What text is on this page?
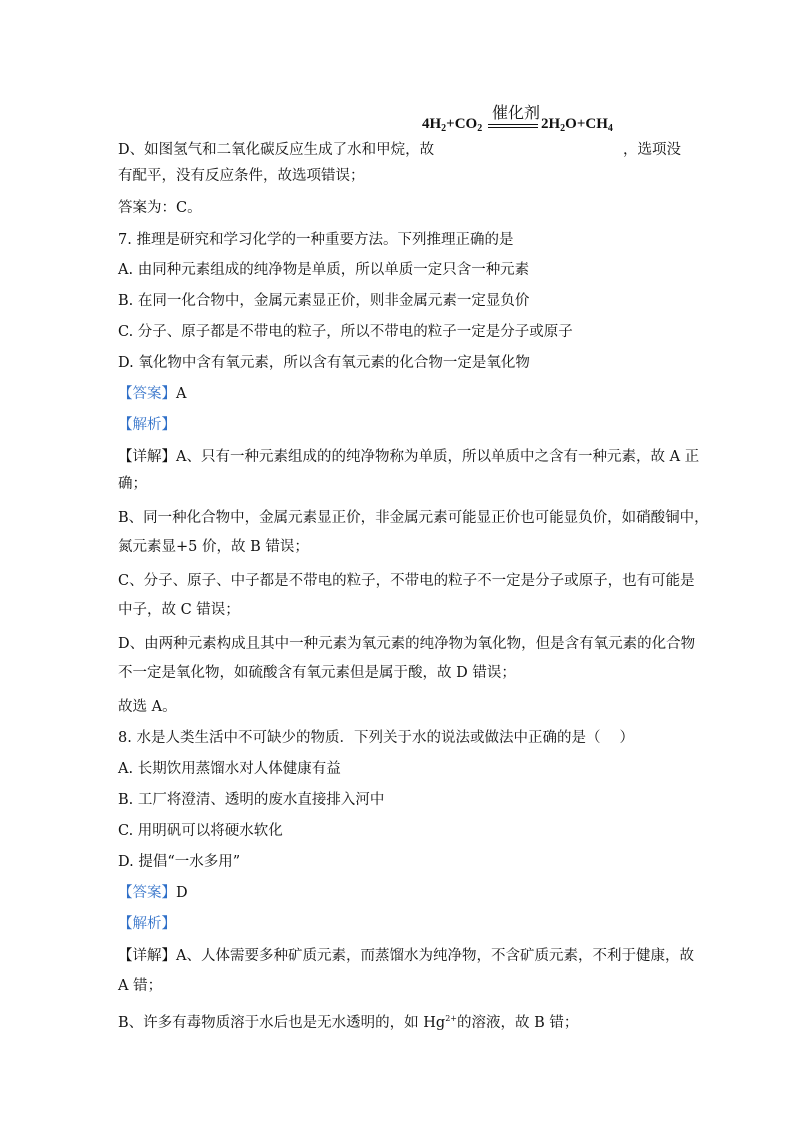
催化剂
$4H_2+CO_2$	$2H_2O+CH_4$
D、如图氢气和二氧化碳反应生成了水和甲烷，故	，选项没
有配平，没有反应条件，故选项错误；
答案为：C。
7. 推理是研究和学习化学的一种重要方法。下列推理正确的是
A. 由同种元素组成的纯净物是单质，所以单质一定只含一种元素
B. 在同一化合物中，金属元素显正价，则非金属元素一定显负价
C. 分子、原子都是不带电的粒子，所以不带电的粒子一定是分子或原子
D. 氧化物中含有氧元素，所以含有氧元素的化合物一定是氧化物
【答案】A
【解析】
【详解】A、只有一种元素组成的的纯净物称为单质，所以单质中之含有一种元素，故 A 正
确；
B、同一种化合物中，金属元素显正价，非金属元素可能显正价也可能显负价，如硝酸铜中，
氮元素显+5 价，故 B 错误；
C、分子、原子、中子都是不带电的粒子，不带电的粒子不一定是分子或原子，也有可能是
中子，故 C 错误；
D、由两种元素构成且其中一种元素为氧元素的纯净物为氧化物，但是含有氧元素的化合物
不一定是氧化物，如硫酸含有氧元素但是属于酸，故 D 错误；
故选 A。
8. 水是人类生活中不可缺少的物质．下列关于水的说法或做法中正确的是（　 ）
A. 长期饮用蒸馏水对人体健康有益
B. 工厂将澄清、透明的废水直接排入河中
C. 用明矾可以将硬水软化
D. 提倡“一水多用”
【答案】D
【解析】
【详解】A、人体需要多种矿质元素，而蒸馏水为纯净物，不含矿质元素，不利于健康，故
A 错；
B、许多有毒物质溶于水后也是无水透明的，如 $Hg^{2+}$的溶液，故 B 错；
